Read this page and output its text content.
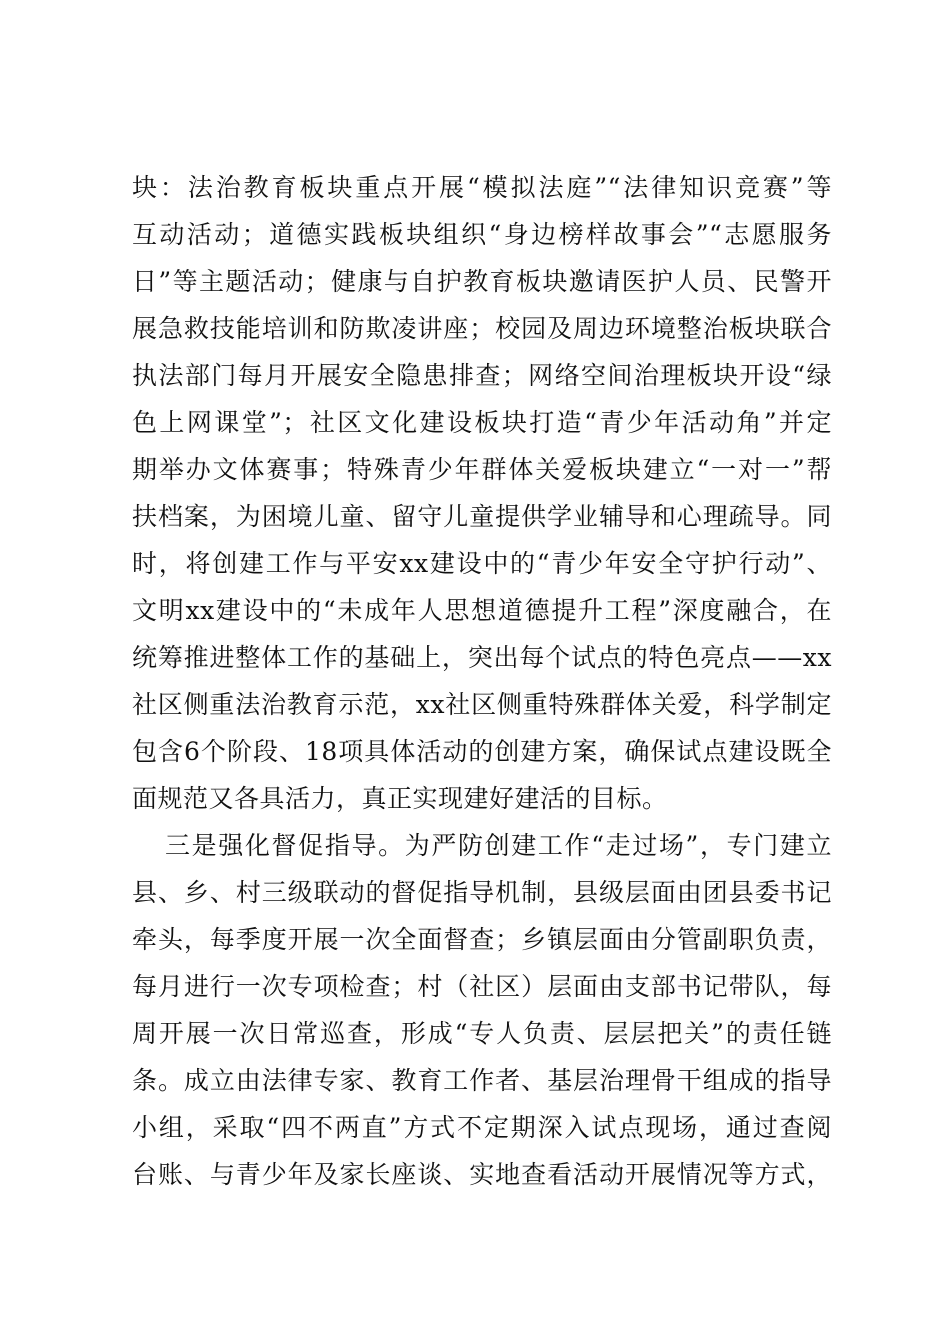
块：法治教育板块重点开展“模拟法庭”“法律知识竞赛”等
互动活动；道德实践板块组织“身边榜样故事会”“志愿服务
日”等主题活动；健康与自护教育板块邀请医护人员、民警开
展急救技能培训和防欺凌讲座；校园及周边环境整治板块联合
执法部门每月开展安全隐患排查；网络空间治理板块开设“绿
色上网课堂”；社区文化建设板块打造“青少年活动角”并定
期举办文体赛事；特殊青少年群体关爱板块建立“一对一”帮
扶档案，为困境儿童、留守儿童提供学业辅导和心理疏导。同
时，将创建工作与平安xx建设中的“青少年安全守护行动”、
文明xx建设中的“未成年人思想道德提升工程”深度融合，在
统筹推进整体工作的基础上，突出每个试点的特色亮点——xx
社区侧重法治教育示范，xx社区侧重特殊群体关爱，科学制定
包含6个阶段、18项具体活动的创建方案，确保试点建设既全
面规范又各具活力，真正实现建好建活的目标。
三是强化督促指导。为严防创建工作“走过场”，专门建立
县、乡、村三级联动的督促指导机制，县级层面由团县委书记
牵头，每季度开展一次全面督查；乡镇层面由分管副职负责，
每月进行一次专项检查；村（社区）层面由支部书记带队，每
周开展一次日常巡查，形成“专人负责、层层把关”的责任链
条。成立由法律专家、教育工作者、基层治理骨干组成的指导
小组，采取“四不两直”方式不定期深入试点现场，通过查阅
台账、与青少年及家长座谈、实地查看活动开展情况等方式，
